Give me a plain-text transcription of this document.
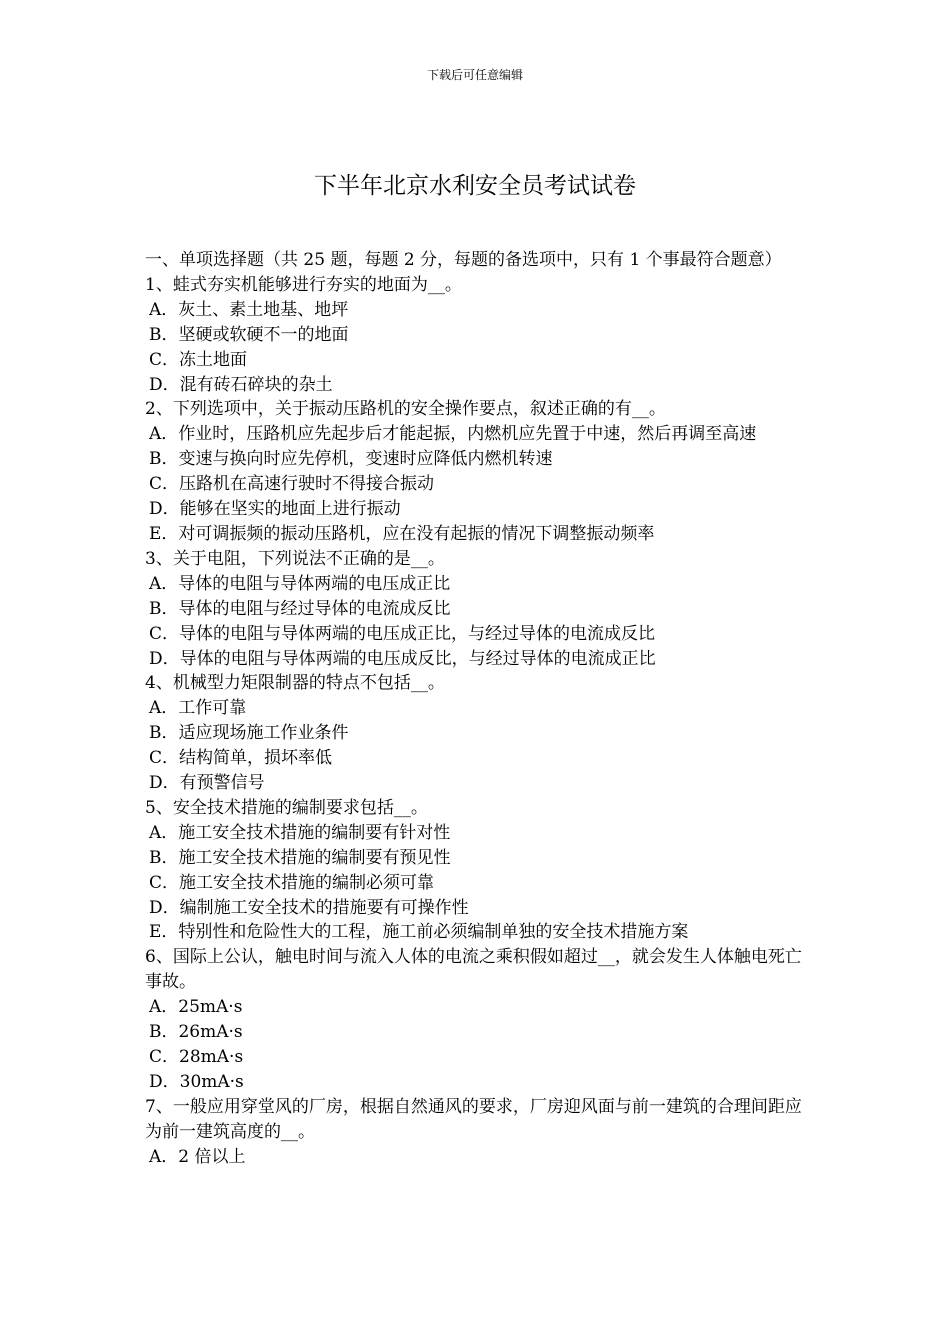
下载后可任意编辑
下半年北京水利安全员考试试卷
一、单项选择题（共 25 题，每题 2 分，每题的备选项中，只有 1 个事最符合题意）
1、蛙式夯实机能够进行夯实的地面为__。
A．灰土、素土地基、地坪
B．坚硬或软硬不一的地面
C．冻土地面
D．混有砖石碎块的杂土
2、下列选项中，关于振动压路机的安全操作要点，叙述正确的有__。
A．作业时，压路机应先起步后才能起振，内燃机应先置于中速，然后再调至高速
B．变速与换向时应先停机，变速时应降低内燃机转速
C．压路机在高速行驶时不得接合振动
D．能够在坚实的地面上进行振动
E．对可调振频的振动压路机，应在没有起振的情况下调整振动频率
3、关于电阻，下列说法不正确的是__。
A．导体的电阻与导体两端的电压成正比
B．导体的电阻与经过导体的电流成反比
C．导体的电阻与导体两端的电压成正比，与经过导体的电流成反比
D．导体的电阻与导体两端的电压成反比，与经过导体的电流成正比
4、机械型力矩限制器的特点不包括__。
A．工作可靠
B．适应现场施工作业条件
C．结构简单，损坏率低
D．有预警信号
5、安全技术措施的编制要求包括__。
A．施工安全技术措施的编制要有针对性
B．施工安全技术措施的编制要有预见性
C．施工安全技术措施的编制必须可靠
D．编制施工安全技术的措施要有可操作性
E．特别性和危险性大的工程，施工前必须编制单独的安全技术措施方案
6、国际上公认，触电时间与流入人体的电流之乘积假如超过__，就会发生人体触电死亡事故。
A．25mA·s
B．26mA·s
C．28mA·s
D．30mA·s
7、一般应用穿堂风的厂房，根据自然通风的要求，厂房迎风面与前一建筑的合理间距应为前一建筑高度的__。
A．2 倍以上
